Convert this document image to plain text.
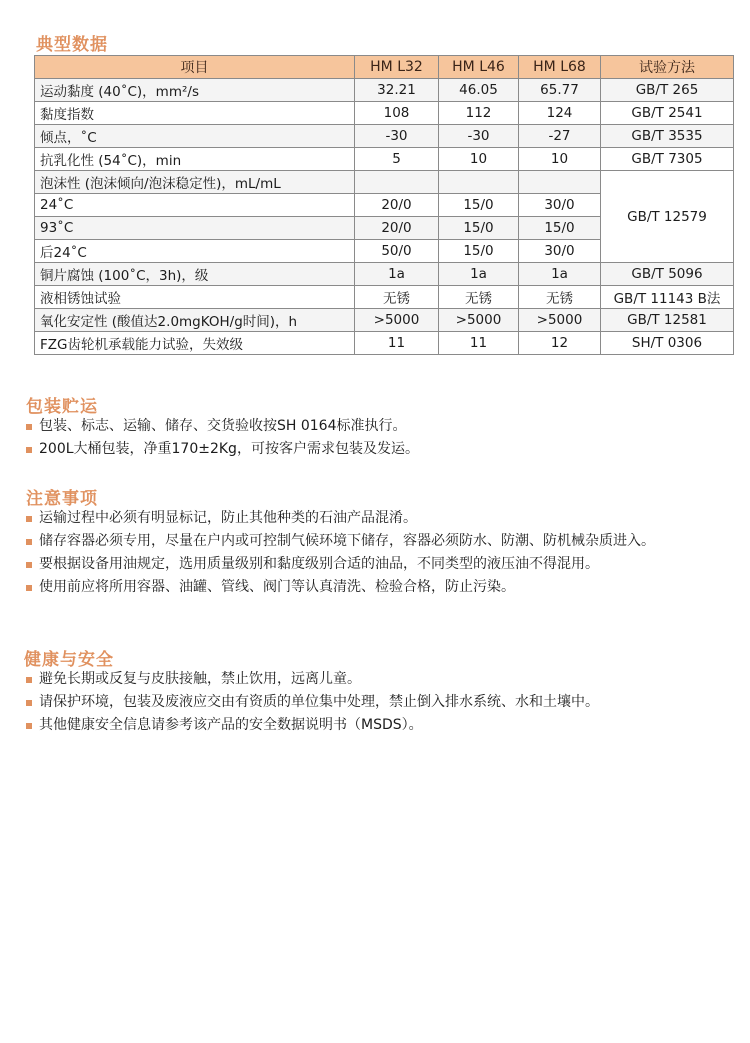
典型数据
项目	HM L32	HM L46	HM L68	试验方法
运动黏度 (40˚C)，mm²/s	32.21	46.05	65.77	GB/T 265
黏度指数	108	112	124	GB/T 2541
倾点，˚C	-30	-30	-27	GB/T 3535
抗乳化性 (54˚C)，min	5	10	10	GB/T 7305
泡沫性 (泡沫倾向/泡沫稳定性)，mL/mL				GB/T 12579
24˚C	20/0	15/0	30/0	
93˚C	20/0	15/0	15/0	
后24˚C	50/0	15/0	30/0	
铜片腐蚀 (100˚C，3h)，级	1a	1a	1a	GB/T 5096
液相锈蚀试验	无锈	无锈	无锈	GB/T 11143 B法
氧化安定性 (酸值达2.0mgKOH/g时间)，h	>5000	>5000	>5000	GB/T 12581
FZG齿轮机承载能力试验，失效级	11	11	12	SH/T 0306
包装贮运
包装、标志、运输、储存、交货验收按SH 0164标准执行。
200L大桶包装，净重170±2Kg，可按客户需求包装及发运。
注意事项
运输过程中必须有明显标记，防止其他种类的石油产品混淆。
储存容器必须专用，尽量在户内或可控制气候环境下储存，容器必须防水、防潮、防机械杂质进入。
要根据设备用油规定，选用质量级别和黏度级别合适的油品，不同类型的液压油不得混用。
使用前应将所用容器、油罐、管线、阀门等认真清洗、检验合格，防止污染。
健康与安全
避免长期或反复与皮肤接触，禁止饮用，远离儿童。
请保护环境，包装及废液应交由有资质的单位集中处理，禁止倒入排水系统、水和土壤中。
其他健康安全信息请参考该产品的安全数据说明书（MSDS）。
